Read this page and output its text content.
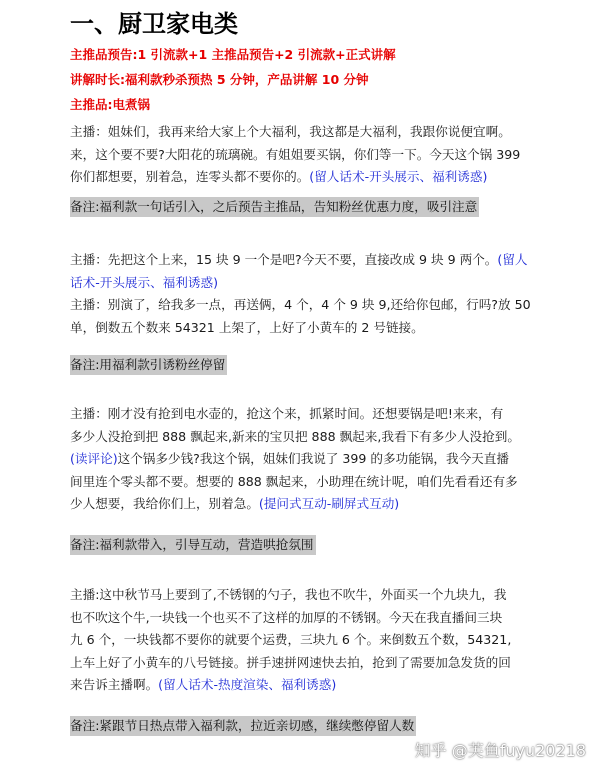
一、厨卫家电类

主推品预告:1 引流款+1 主推品预告+2 引流款+正式讲解

讲解时长:福利款秒杀预热 5 分钟，产品讲解 10 分钟

主推品:电煮锅

主播：姐妹们，我再来给大家上个大福利，我这都是大福利，我跟你说便宜啊。
来，这个要不要?大阳花的琉璃碗。有姐姐要买锅，你们等一下。今天这个锅 399
你们都想要，别着急，连零头都不要你的。(留人话术-开头展示、福利诱惑)
备注:福利款一句话引入，之后预告主推品，告知粉丝优惠力度，吸引注意
主播：先把这个上来，15 块 9 一个是吧?今天不要，直接改成 9 块 9 两个。(留人
话术-开头展示、福利诱惑)
主播：别演了，给我多一点，再送俩，4 个，4 个 9 块 9,还给你包邮，行吗?放 50
单，倒数五个数来 54321 上架了，上好了小黄车的 2 号链接。
备注:用福利款引诱粉丝停留
主播：刚才没有抢到电水壶的，抢这个来，抓紧时间。还想要锅是吧!来来，有
多少人没抢到把 888 飘起来,新来的宝贝把 888 飘起来,我看下有多少人没抢到。
(读评论)这个锅多少钱?我这个锅，姐妹们我说了 399 的多功能锅，我今天直播
间里连个零头都不要。想要的 888 飘起来，小助理在统计呢，咱们先看看还有多
少人想要，我给你们上，别着急。(提问式互动-刷屏式互动)
备注:福利款带入，引导互动，营造哄抢氛围
主播:这中秋节马上要到了,不锈钢的勺子，我也不吹牛，外面买一个九块九，我
也不吹这个牛,一块钱一个也买不了这样的加厚的不锈钢。今天在我直播间三块
九 6 个，一块钱都不要你的就要个运费，三块九 6 个。来倒数五个数，54321,
上车上好了小黄车的八号链接。拼手速拼网速快去拍，抢到了需要加急发货的回
来告诉主播啊。(留人话术-热度渲染、福利诱惑)
备注:紧跟节日热点带入福利款，拉近亲切感，继续憋停留人数
知乎 @芙鱼fuyu20218
